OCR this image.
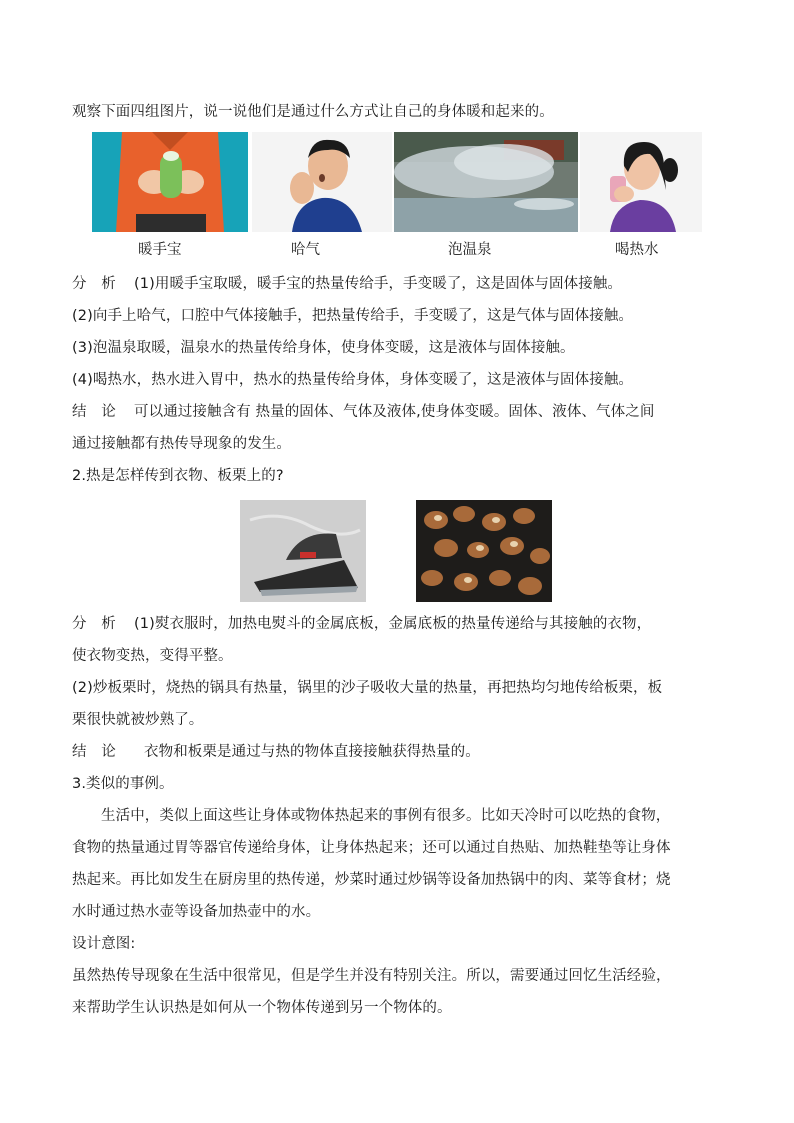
观察下面四组图片，说一说他们是通过什么方式让自己的身体暖和起来的。

暖手宝	哈气	泡温泉	喝热水

分　析 (1)用暖手宝取暖，暖手宝的热量传给手，手变暖了，这是固体与固体接触。

(2)向手上哈气，口腔中气体接触手，把热量传给手，手变暖了，这是气体与固体接触。

(3)泡温泉取暖，温泉水的热量传给身体，使身体变暖，这是液体与固体接触。

(4)喝热水，热水进入胃中，热水的热量传给身体，身体变暖了，这是液体与固体接触。

结　论 可以通过接触含有 热量的固体、气体及液体,使身体变暖。固体、液体、气体之间

通过接触都有热传导现象的发生。

2.热是怎样传到衣物、板栗上的?

分　析 (1)熨衣服时，加热电熨斗的金属底板，金属底板的热量传递给与其接触的衣物，

使衣物变热，变得平整。

(2)炒板栗时，烧热的锅具有热量，锅里的沙子吸收大量的热量，再把热均匀地传给板栗，板

栗很快就被炒熟了。

结　论 衣物和板栗是通过与热的物体直接接触获得热量的。

3.类似的事例。

生活中，类似上面这些让身体或物体热起来的事例有很多。比如天冷时可以吃热的食物，

食物的热量通过胃等器官传递给身体，让身体热起来；还可以通过自热贴、加热鞋垫等让身体

热起来。再比如发生在厨房里的热传递，炒菜时通过炒锅等设备加热锅中的肉、菜等食材；烧

水时通过热水壶等设备加热壶中的水。

设计意图:

虽然热传导现象在生活中很常见，但是学生并没有特别关注。所以，需要通过回忆生活经验，

来帮助学生认识热是如何从一个物体传递到另一个物体的。
